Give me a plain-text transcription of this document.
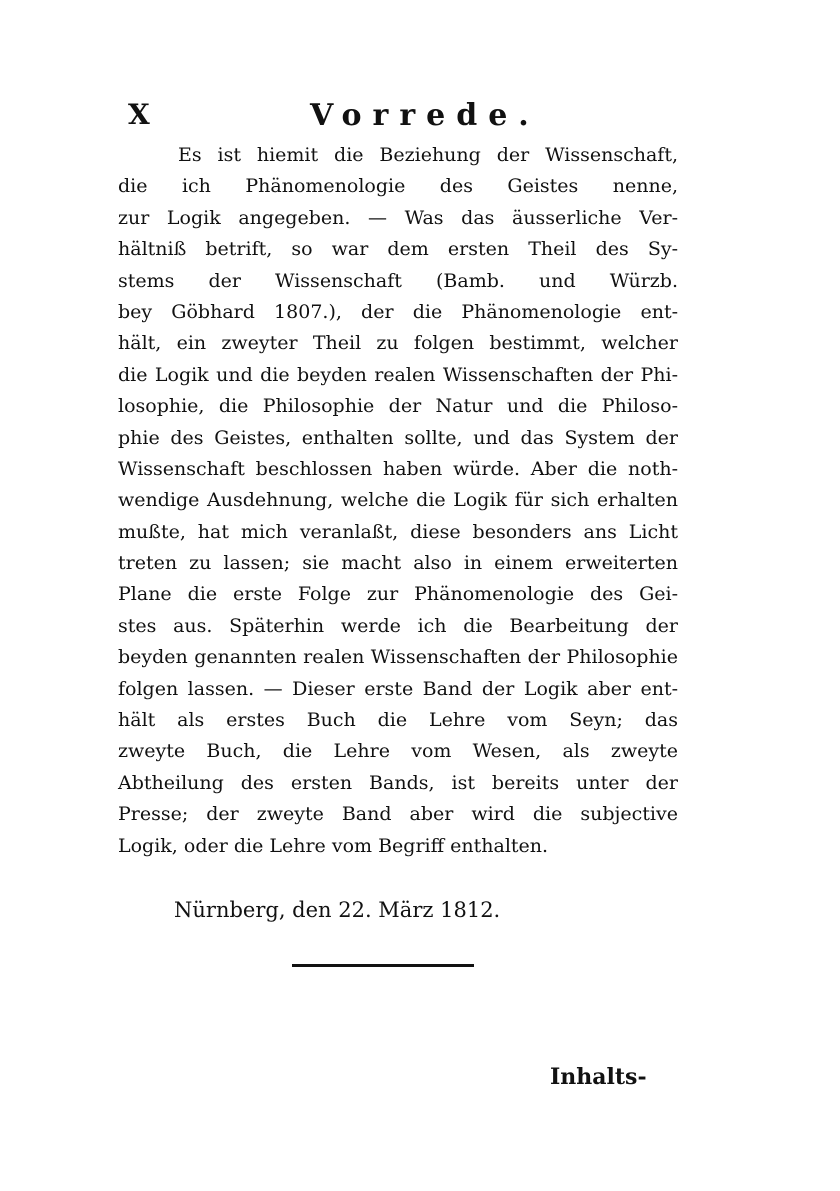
X	Vorrede.
Es ist hiemit die Beziehung der Wissenschaft,
die ich Phänomenologie des Geistes nenne,
zur Logik angegeben. — Was das äusserliche Ver-
hältniß betrift, so war dem ersten Theil des Sy-
stems der Wissenschaft (Bamb. und Würzb.
bey Göbhard 1807.), der die Phänomenologie ent-
hält, ein zweyter Theil zu folgen bestimmt, welcher
die Logik und die beyden realen Wissenschaften der Phi-
losophie, die Philosophie der Natur und die Philoso-
phie des Geistes, enthalten sollte, und das System der
Wissenschaft beschlossen haben würde. Aber die noth-
wendige Ausdehnung, welche die Logik für sich erhalten
mußte, hat mich veranlaßt, diese besonders ans Licht
treten zu lassen; sie macht also in einem erweiterten
Plane die erste Folge zur Phänomenologie des Gei-
stes aus. Späterhin werde ich die Bearbeitung der
beyden genannten realen Wissenschaften der Philosophie
folgen lassen. — Dieser erste Band der Logik aber ent-
hält als erstes Buch die Lehre vom Seyn; das
zweyte Buch, die Lehre vom Wesen, als zweyte
Abtheilung des ersten Bands, ist bereits unter der
Presse; der zweyte Band aber wird die subjective
Logik, oder die Lehre vom Begriff enthalten.
Nürnberg, den 22. März 1812.
Inhalts-
